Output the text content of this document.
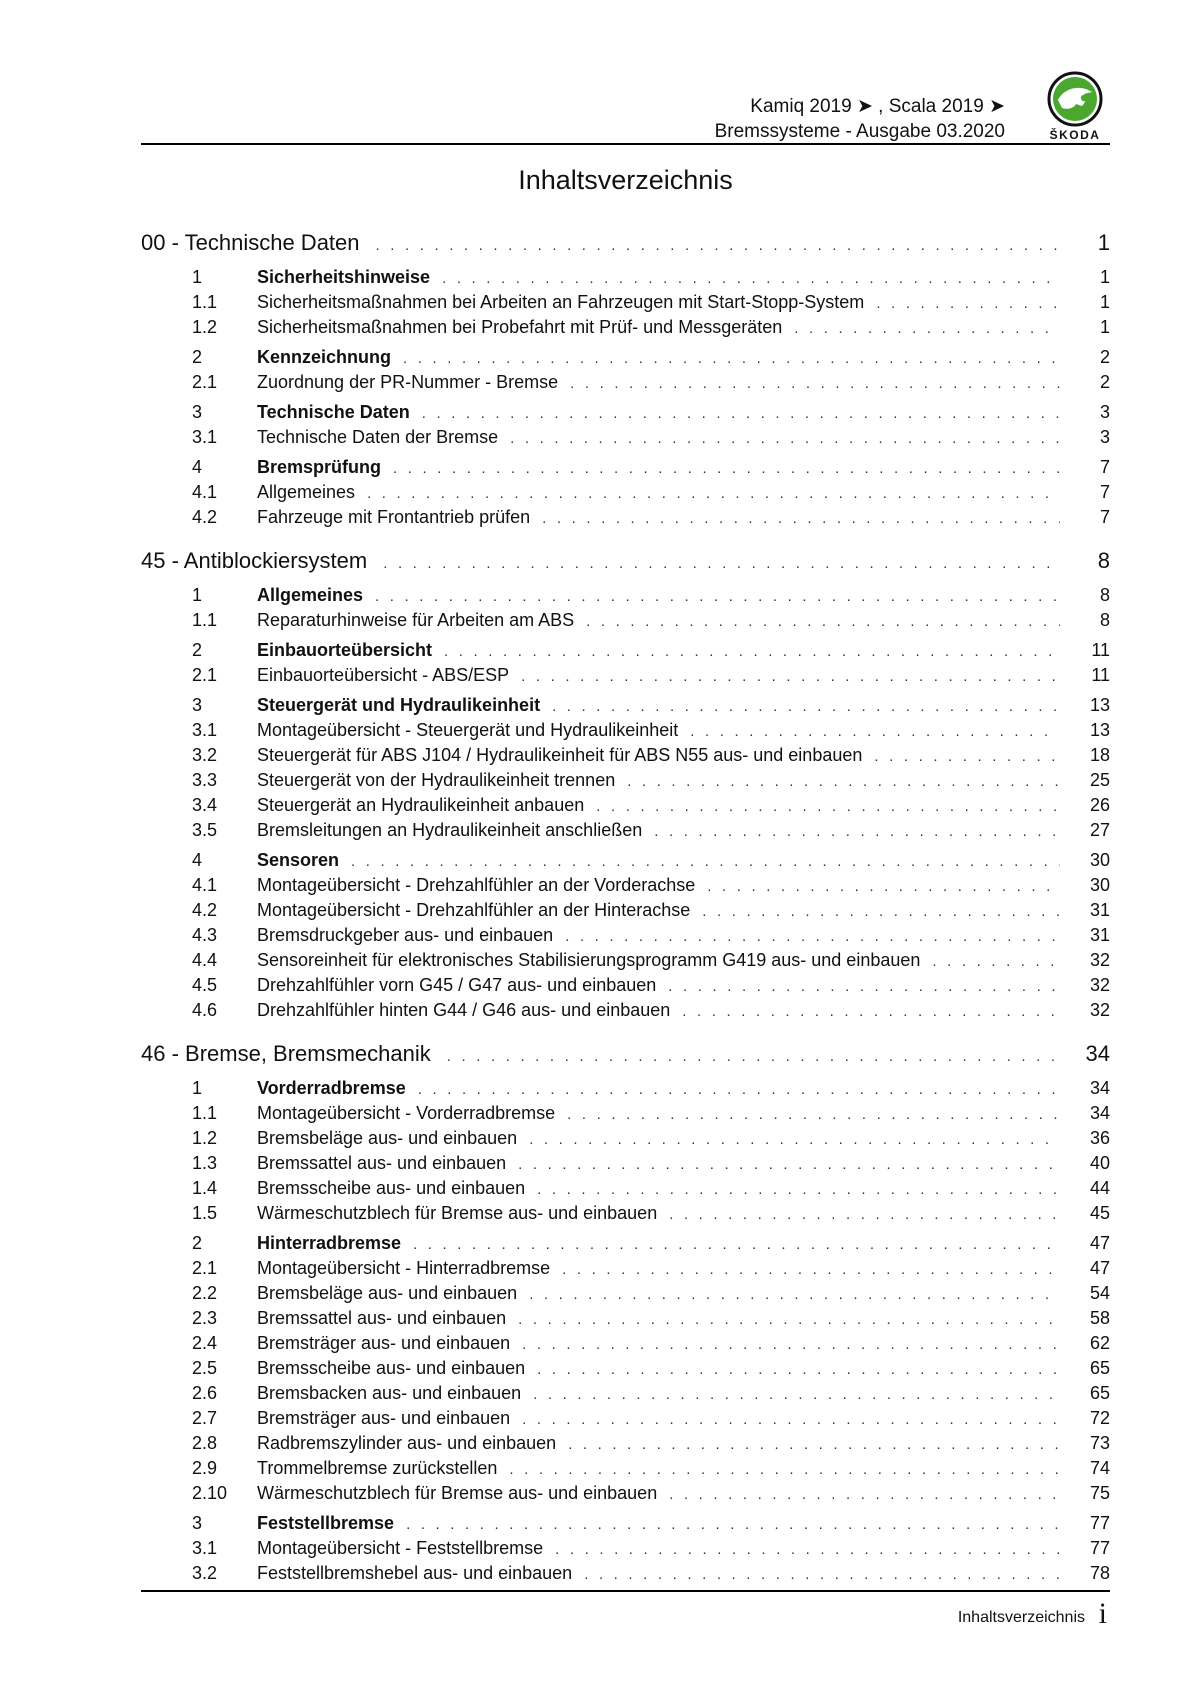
Kamiq 2019 ➤ , Scala 2019 ➤
Bremssysteme - Ausgabe 03.2020	ŠKODA
Inhaltsverzeichnis
00 - Technische Daten . . .	1
1	Sicherheitshinweise . . .	1
1.1	Sicherheitsmaßnahmen bei Arbeiten an Fahrzeugen mit Start-Stopp-System . . .	1
1.2	Sicherheitsmaßnahmen bei Probefahrt mit Prüf- und Messgeräten . . .	1
2	Kennzeichnung . . .	2
2.1	Zuordnung der PR-Nummer - Bremse . . .	2
3	Technische Daten . . .	3
3.1	Technische Daten der Bremse . . .	3
4	Bremsprüfung . . .	7
4.1	Allgemeines . . .	7
4.2	Fahrzeuge mit Frontantrieb prüfen . . .	7
45 - Antiblockiersystem . . .	8
1	Allgemeines . . .	8
1.1	Reparaturhinweise für Arbeiten am ABS . . .	8
2	Einbauorteübersicht . . .	11
2.1	Einbauorteübersicht - ABS/ESP . . .	11
3	Steuergerät und Hydraulikeinheit . . .	13
3.1	Montageübersicht - Steuergerät und Hydraulikeinheit . . .	13
3.2	Steuergerät für ABS J104 / Hydraulikeinheit für ABS N55 aus- und einbauen . . .	18
3.3	Steuergerät von der Hydraulikeinheit trennen . . .	25
3.4	Steuergerät an Hydraulikeinheit anbauen . . .	26
3.5	Bremsleitungen an Hydraulikeinheit anschließen . . .	27
4	Sensoren . . .	30
4.1	Montageübersicht - Drehzahlfühler an der Vorderachse . . .	30
4.2	Montageübersicht - Drehzahlfühler an der Hinterachse . . .	31
4.3	Bremsdruckgeber aus- und einbauen . . .	31
4.4	Sensoreinheit für elektronisches Stabilisierungsprogramm G419 aus- und einbauen . . .	32
4.5	Drehzahlfühler vorn G45 / G47 aus- und einbauen . . .	32
4.6	Drehzahlfühler hinten G44 / G46 aus- und einbauen . . .	32
46 - Bremse, Bremsmechanik . . .	34
1	Vorderradbremse . . .	34
1.1	Montageübersicht - Vorderradbremse . . .	34
1.2	Bremsbeläge aus- und einbauen . . .	36
1.3	Bremssattel aus- und einbauen . . .	40
1.4	Bremsscheibe aus- und einbauen . . .	44
1.5	Wärmeschutzblech für Bremse aus- und einbauen . . .	45
2	Hinterradbremse . . .	47
2.1	Montageübersicht - Hinterradbremse . . .	47
2.2	Bremsbeläge aus- und einbauen . . .	54
2.3	Bremssattel aus- und einbauen . . .	58
2.4	Bremsträger aus- und einbauen . . .	62
2.5	Bremsscheibe aus- und einbauen . . .	65
2.6	Bremsbacken aus- und einbauen . . .	65
2.7	Bremsträger aus- und einbauen . . .	72
2.8	Radbremszylinder aus- und einbauen . . .	73
2.9	Trommelbremse zurückstellen . . .	74
2.10	Wärmeschutzblech für Bremse aus- und einbauen . . .	75
3	Feststellbremse . . .	77
3.1	Montageübersicht - Feststellbremse . . .	77
3.2	Feststellbremshebel aus- und einbauen . . .	78
Inhaltsverzeichnis i
